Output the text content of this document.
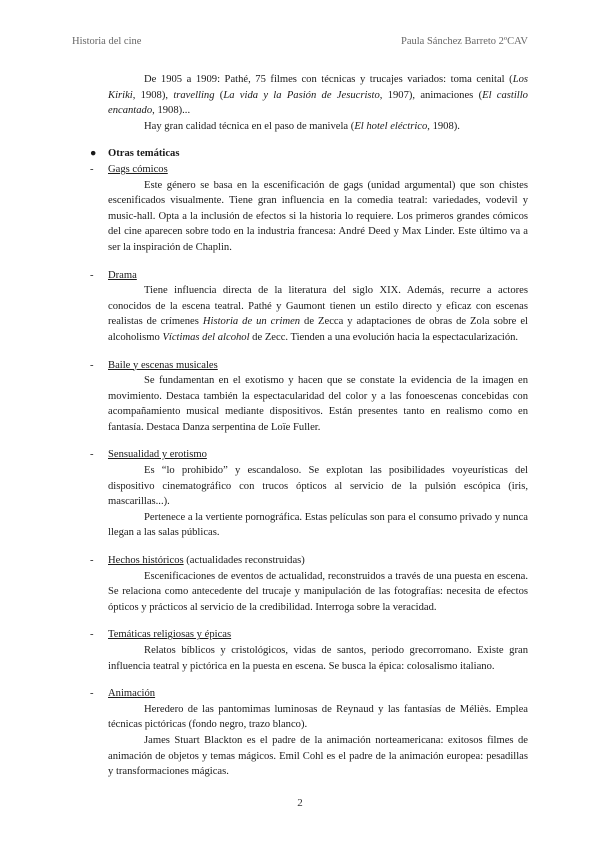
Historia del cine	Paula Sánchez Barreto 2ºCAV

De 1905 a 1909: Pathé, 75 filmes con técnicas y trucajes variados: toma cenital (Los Kiriki, 1908), travelling (La vida y la Pasión de Jesucristo, 1907), animaciones (El castillo encantado, 1908)...

Hay gran calidad técnica en el paso de manivela (El hotel eléctrico, 1908).

● Otras temáticas
- Gags cómicos

Este género se basa en la escenificación de gags (unidad argumental) que son chistes escenificados visualmente. Tiene gran influencia en la comedia teatral: variedades, vodevil y music-hall. Opta a la inclusión de efectos si la historia lo requiere. Los primeros grandes cómicos del cine aparecen sobre todo en la industria francesa: André Deed y Max Linder. Este último va a ser la inspiración de Chaplin.

- Drama

Tiene influencia directa de la literatura del siglo XIX. Además, recurre a actores conocidos de la escena teatral. Pathé y Gaumont tienen un estilo directo y eficaz con escenas realistas de crímenes Historia de un crimen de Zecca y adaptaciones de obras de Zola sobre el alcoholismo Víctimas del alcohol de Zecc. Tienden a una evolución hacia la espectacularización.

- Baile y escenas musicales

Se fundamentan en el exotismo y hacen que se constate la evidencia de la imagen en movimiento. Destaca también la espectacularidad del color y a las fonoescenas concebidas con acompañamiento musical mediante dispositivos. Están presentes tanto en realismo como en fantasía. Destaca Danza serpentina de Loïe Fuller.

- Sensualidad y erotismo

Es “lo prohibido” y escandaloso. Se explotan las posibilidades voyeurísticas del dispositivo cinematográfico con trucos ópticos al servicio de la pulsión escópica (iris, mascarillas...).

Pertenece a la vertiente pornográfica. Estas películas son para el consumo privado y nunca llegan a las salas públicas.

- Hechos históricos (actualidades reconstruidas)

Escenificaciones de eventos de actualidad, reconstruidos a través de una puesta en escena. Se relaciona como antecedente del trucaje y manipulación de las fotografías: necesita de efectos ópticos y prácticos al servicio de la credibilidad. Interroga sobre la veracidad.

- Temáticas religiosas y épicas

Relatos bíblicos y cristológicos, vidas de santos, periodo grecorromano. Existe gran influencia teatral y pictórica en la puesta en escena. Se busca la épica: colosalismo italiano.

- Animación

Heredero de las pantomimas luminosas de Reynaud y las fantasías de Méliès. Emplea técnicas pictóricas (fondo negro, trazo blanco).

James Stuart Blackton es el padre de la animación norteamericana: exitosos filmes de animación de objetos y temas mágicos. Emil Cohl es el padre de la animación europea: pesadillas y transformaciones mágicas.

2
